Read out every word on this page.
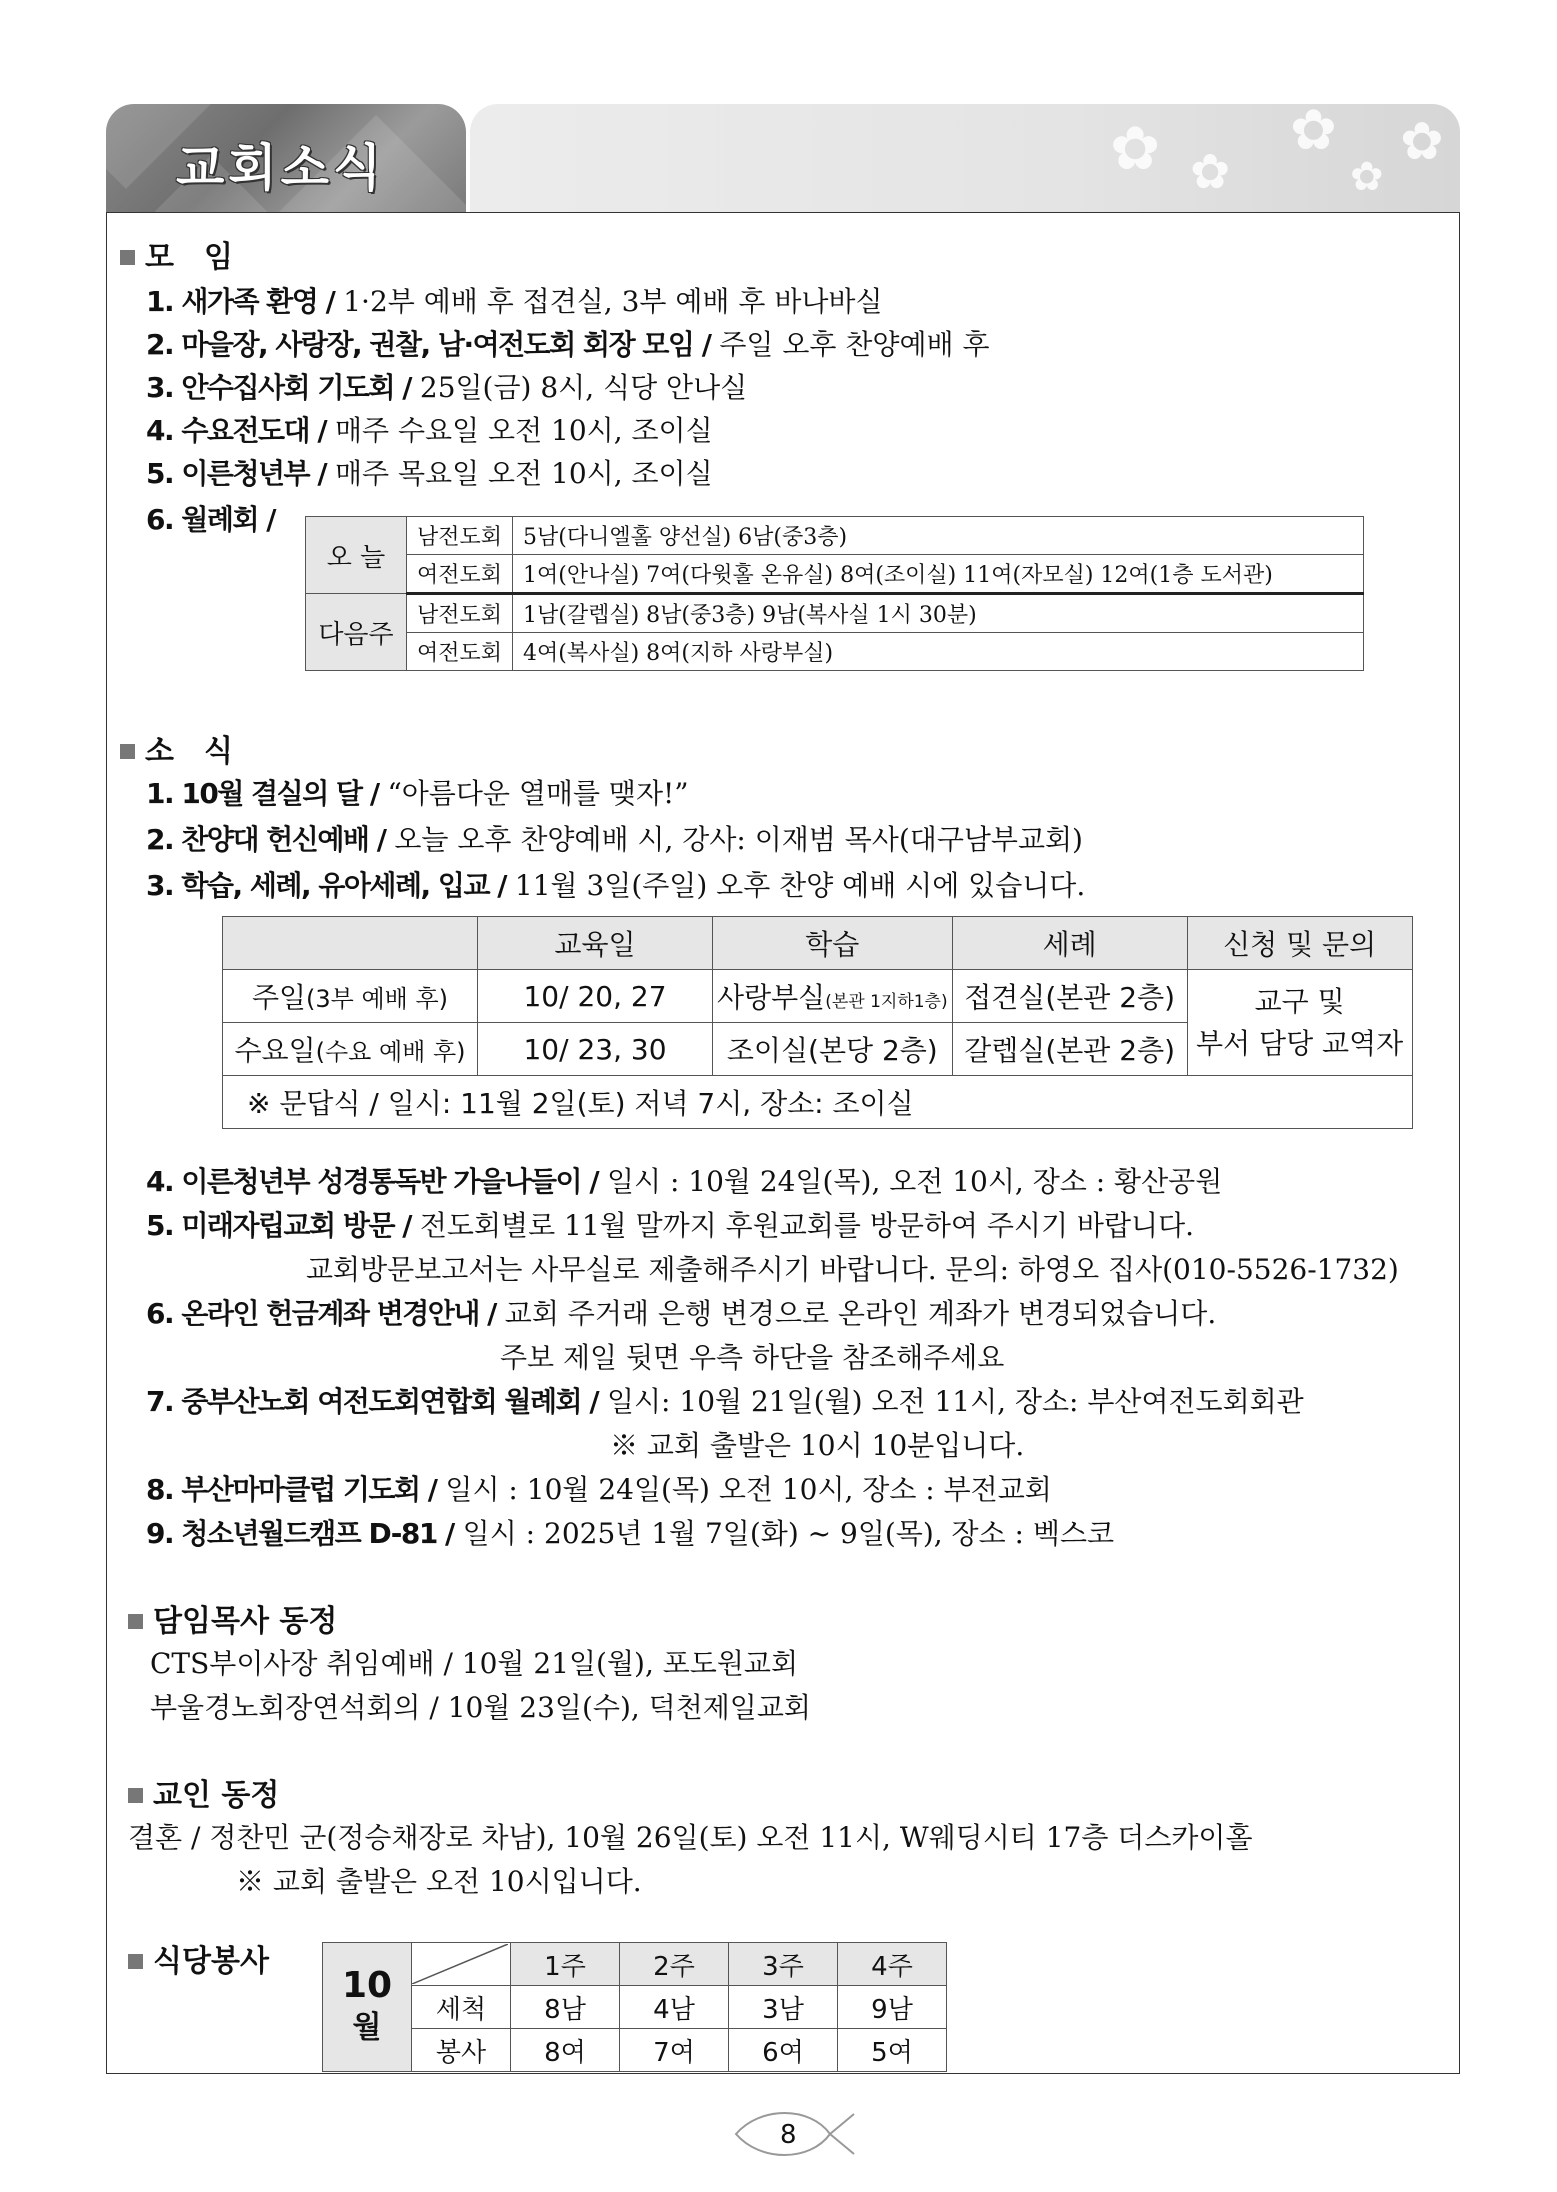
교회소식	✿ ✿
✿
✿
✿
모　임
1. 새가족 환영 / 1·2부 예배 후 접견실, 3부 예배 후 바나바실
2. 마을장, 사랑장, 권찰, 남·여전도회 회장 모임 / 주일 오후 찬양예배 후
3. 안수집사회 기도회 / 25일(금) 8시, 식당 안나실
4. 수요전도대 / 매주 수요일 오전 10시, 조이실
5. 이른청년부 / 매주 목요일 오전 10시, 조이실
6. 월례회 /
오 늘	남전도회	5남(다니엘홀 양선실) 6남(중3층)
	여전도회	1여(안나실) 7여(다윗홀 온유실) 8여(조이실) 11여(자모실) 12여(1층 도서관)
다음주	남전도회	1남(갈렙실) 8남(중3층) 9남(복사실 1시 30분)
	여전도회	4여(복사실) 8여(지하 사랑부실)
소　식
1. 10월 결실의 달 / “아름다운 열매를 맺자!”
2. 찬양대 헌신예배 / 오늘 오후 찬양예배 시, 강사: 이재범 목사(대구남부교회)
3. 학습, 세례, 유아세례, 입교 / 11월 3일(주일) 오후 찬양 예배 시에 있습니다.
	교육일	학습	세례	신청 및 문의
주일(3부 예배 후)	10/ 20, 27	사랑부실(본관 1지하1층)	접견실(본관 2층)	교구 및
부서 담당 교역자
수요일(수요 예배 후)	10/ 23, 30	조이실(본당 2층)	갈렙실(본관 2층)	
※ 문답식 / 일시: 11월 2일(토) 저녁 7시, 장소: 조이실				
4. 이른청년부 성경통독반 가을나들이 / 일시 : 10월 24일(목), 오전 10시, 장소 : 황산공원
5. 미래자립교회 방문 / 전도회별로 11월 말까지 후원교회를 방문하여 주시기 바랍니다.
교회방문보고서는 사무실로 제출해주시기 바랍니다. 문의: 하영오 집사(010-5526-1732)
6. 온라인 헌금계좌 변경안내 / 교회 주거래 은행 변경으로 온라인 계좌가 변경되었습니다.
주보 제일 뒷면 우측 하단을 참조해주세요
7. 중부산노회 여전도회연합회 월례회 / 일시: 10월 21일(월) 오전 11시, 장소: 부산여전도회회관
※ 교회 출발은 10시 10분입니다.
8. 부산마마클럽 기도회 / 일시 : 10월 24일(목) 오전 10시, 장소 : 부전교회
9. 청소년월드캠프 D-81 / 일시 : 2025년 1월 7일(화) ~ 9일(목), 장소 : 벡스코
담임목사 동정
CTS부이사장 취임예배 / 10월 21일(월), 포도원교회
부울경노회장연석회의 / 10월 23일(수), 덕천제일교회
교인 동정
결혼 / 정찬민 군(정승채장로 차남), 10월 26일(토) 오전 11시, W웨딩시티 17층 더스카이홀
※ 교회 출발은 오전 10시입니다.
식당봉사
10
월		1주	2주	3주	4주
	세척	8남	4남	3남	9남
	봉사	8여	7여	6여	5여
8
